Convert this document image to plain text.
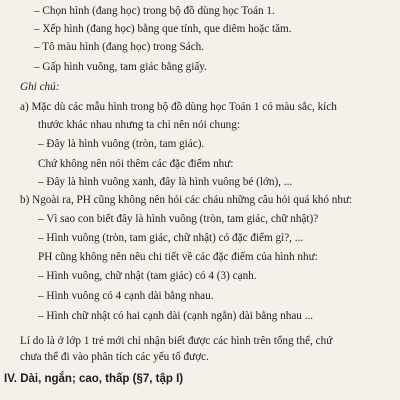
– Chọn hình (đang học) trong bộ đồ dùng học Toán 1.
– Xếp hình (đang học) bằng que tính, que diêm hoặc tăm.
– Tô màu hình (đang học) trong Sách.
– Gấp hình vuông, tam giác bằng giấy.
Ghi chú:
a) Mặc dù các mẫu hình trong bộ đồ dùng học Toán 1 có màu sắc, kích
thước khác nhau nhưng ta chỉ nên nói chung:
– Đây là hình vuông (tròn, tam giác).
Chứ không nên nói thêm các đặc điểm như:
– Đây là hình vuông xanh, đây là hình vuông bé (lớn), ...
b) Ngoài ra, PH cũng không nên hỏi các cháu những câu hỏi quá khó như:
– Vì sao con biết đây là hình vuông (tròn, tam giác, chữ nhật)?
– Hình vuông (tròn, tam giác, chữ nhật) có đặc điểm gì?, ...
PH cũng không nên nêu chi tiết về các đặc điểm của hình như:
– Hình vuông, chữ nhật (tam giác) có 4 (3) cạnh.
– Hình vuông có 4 cạnh dài bằng nhau.
– Hình chữ nhật có hai cạnh dài (cạnh ngắn) dài bằng nhau ...
Lí do là ở lớp 1 trẻ mới chỉ nhận biết được các hình trên tổng thể, chứ
chưa thể đi vào phân tích các yếu tố được.
IV. Dài, ngắn; cao, thấp (§7, tập I)
